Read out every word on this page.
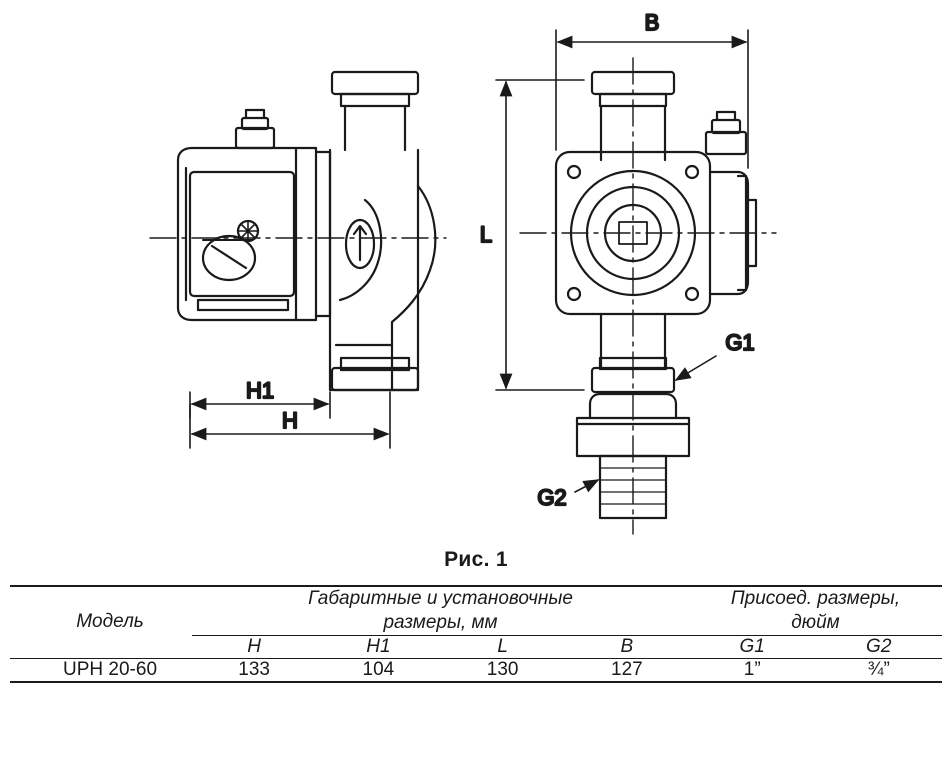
H1
H
B
L
G1
G2
Рис. 1
Модель	Габаритные и установочные
размеры, мм				Присоед. размеры,
дюйм	
	H	H1	L	B	G1	G2
UPH 20-60	133	104	130	127	1”	¾”
